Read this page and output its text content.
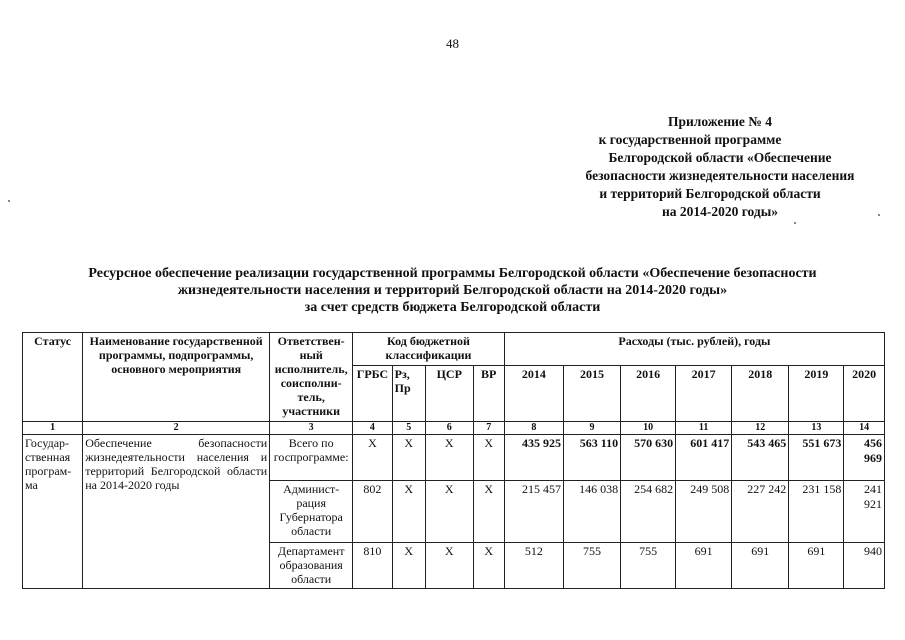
48
Приложение № 4
к государственной программе
Белгородской области «Обеспечение
безопасности жизнедеятельности населения
и территорий Белгородской области
на 2014-2020 годы»
Ресурсное обеспечение реализации государственной программы Белгородской области «Обеспечение безопасности
жизнедеятельности населения и территорий Белгородской области на 2014-2020 годы»
за счет средств бюджета Белгородской области
Статус	Наименование государственной программы, подпрограммы, основного мероприятия	Ответствен-ный исполнитель, соисполни-тель, участники	Код бюджетной классификации				Расходы (тыс. рублей), годы						
			ГРБС	Рз, Пр	ЦСР	ВР	2014	2015	2016	2017	2018	2019	2020
1	2	3	4	5	6	7	8	9	10	11	12	13	14
Государ-ственная програм-ма	Обеспечение безопасности жизнедеятельности населения и территорий Белгородской области на 2014-2020 годы	Всего по госпрограмме:	Х	Х	Х	Х	435 925	563 110	570 630	601 417	543 465	551 673	456 969
		Админист-рация Губернатора области	802	Х	Х	Х	215 457	146 038	254 682	249 508	227 242	231 158	241 921
		Департамент образования области	810	Х	Х	Х	512	755	755	691	691	691	940
